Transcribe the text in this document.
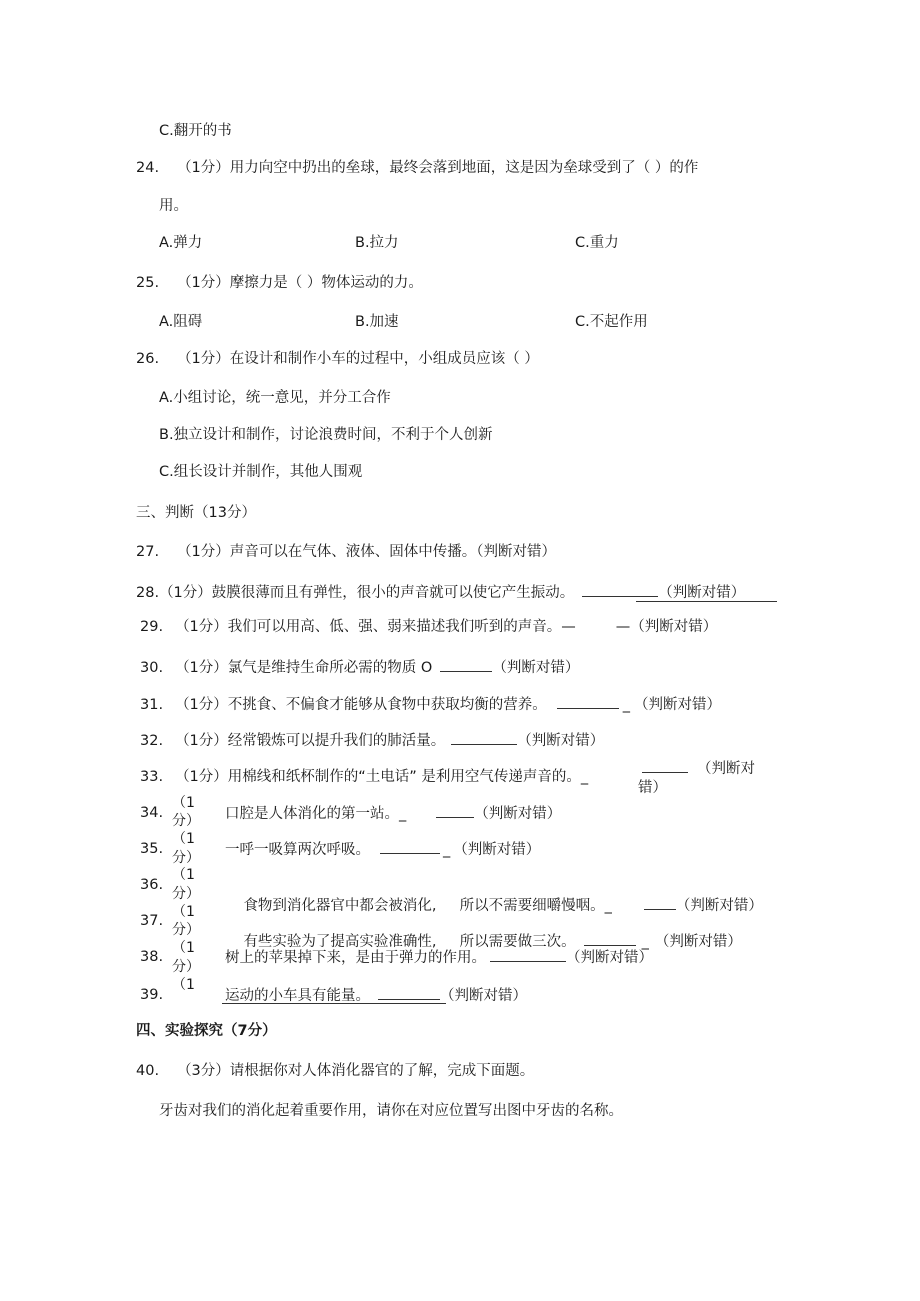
C.翻开的书
24. （1分）用力向空中扔出的垒球，最终会落到地面，这是因为垒球受到了（ ）的作
用。
A.弹力	B.拉力	C.重力
25. （1分）摩擦力是（ ）物体运动的力。
A.阻碍	B.加速	C.不起作用
26. （1分）在设计和制作小车的过程中，小组成员应该（ ）
A.小组讨论，统一意见，并分工合作
B.独立设计和制作，讨论浪费时间，不利于个人创新
C.组长设计并制作，其他人围观
三、判断（13分）
27. （1分）声音可以在气体、液体、固体中传播。（判断对错）
28.（1分）鼓膜很薄而且有弹性，很小的声音就可以使它产生振动。	（判断对错）
29. （1分）我们可以用高、低、强、弱来描述我们听到的声音。—	—（判断对错）
30. （1分）氯气是维持生命所必需的物质 O	（判断对错）
31. （1分）不挑食、不偏食才能够从食物中获取均衡的营养。	_ （判断对错）
32. （1分）经常锻炼可以提升我们的肺活量。	（判断对错）
33. （1分）用棉线和纸杯制作的“土电话” 是利用空气传递声音的。_	（判断对
错）
34.
（1
分） 口腔是人体消化的第一站。_	（判断对错）
35.
（1
分） 一呼一吸算两次呼吸。	_ （判断对错）
36.
（1
分）

食物到消化器官中都会被消化,     所以不需要细嚼慢咽。_	（判断对错）

37.
（1
分）

有些实验为了提高实验准确性,     所以需要做三次。	_ （判断对错）

38.
（1
分）
树上的苹果掉下来，是由于弹力的作用。	（判断对错）
39.
（1
运动的小车具有能量。	（判断对错）
四、实验探究（7分）
40. （3分）请根据你对人体消化器官的了解，完成下面题。
牙齿对我们的消化起着重要作用，请你在对应位置写出图中牙齿的名称。
